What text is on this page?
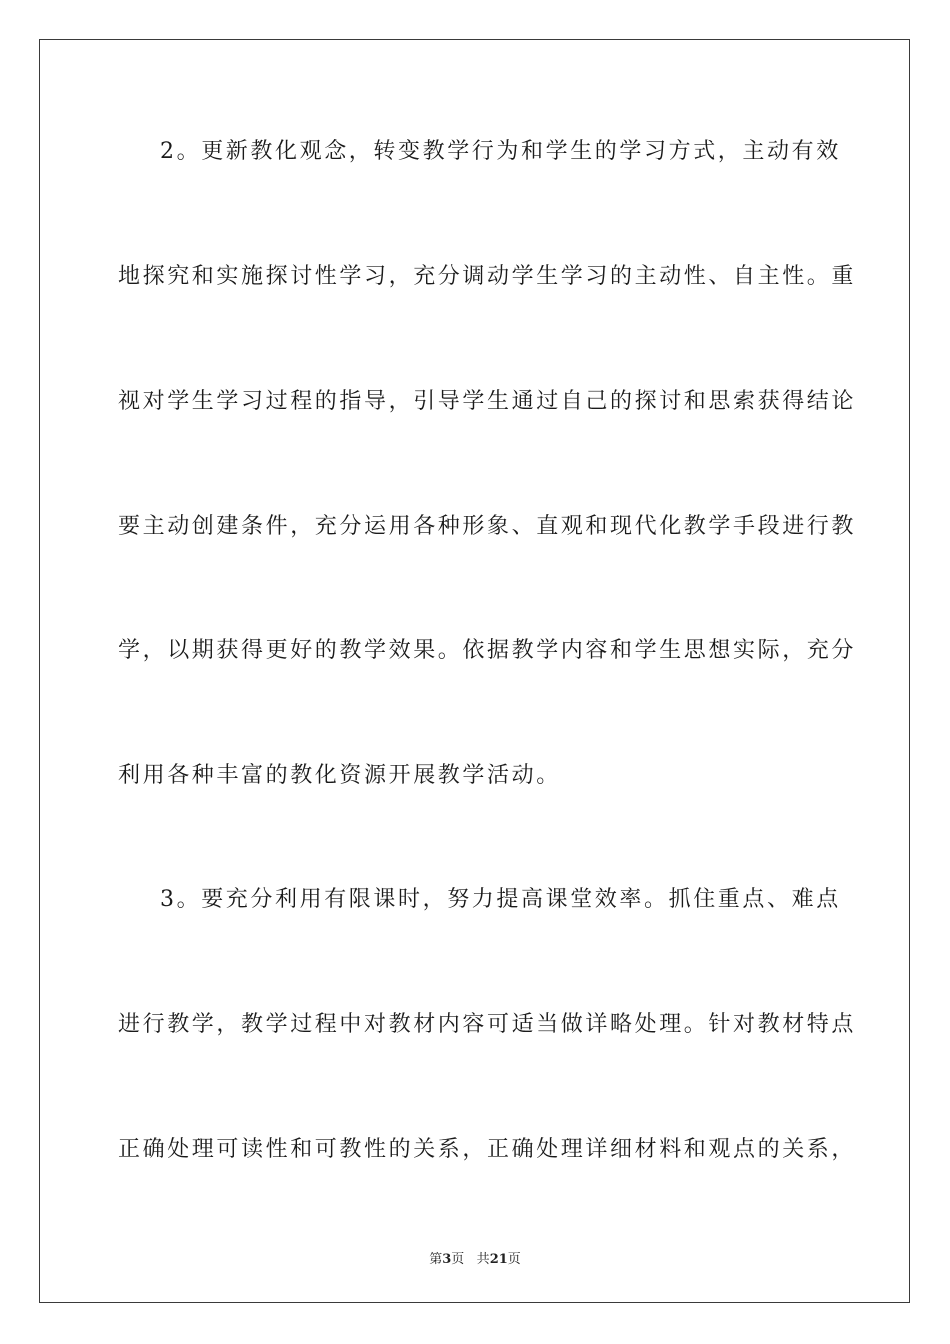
2。更新教化观念，转变教学行为和学生的学习方式，主动有效
地探究和实施探讨性学习，充分调动学生学习的主动性、自主性。重
视对学生学习过程的指导，引导学生通过自己的探讨和思索获得结论
要主动创建条件，充分运用各种形象、直观和现代化教学手段进行教
学，以期获得更好的教学效果。依据教学内容和学生思想实际，充分
利用各种丰富的教化资源开展教学活动。
3。要充分利用有限课时，努力提高课堂效率。抓住重点、难点
进行教学，教学过程中对教材内容可适当做详略处理。针对教材特点
正确处理可读性和可教性的关系，正确处理详细材料和观点的关系，
第3页 共21页
